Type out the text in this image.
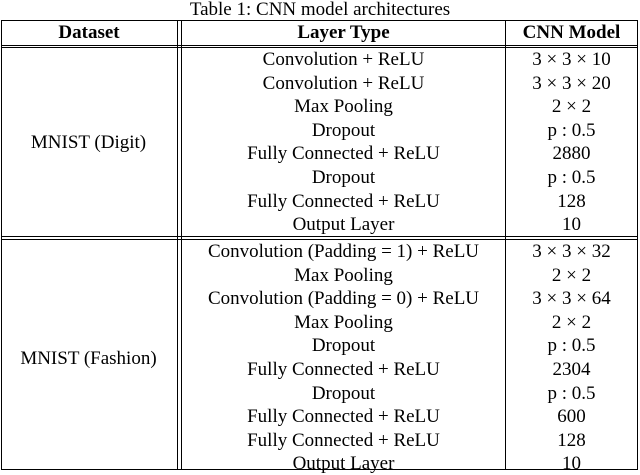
Table 1: CNN model architectures
Dataset	Layer Type	CNN Model
MNIST (Digit)
Convolution + ReLU	3 × 3 × 10
Convolution + ReLU	3 × 3 × 20
Max Pooling	2 × 2
Dropout	p : 0.5
Fully Connected + ReLU	2880
Dropout	p : 0.5
Fully Connected + ReLU	128
Output Layer	10
MNIST (Fashion)
Convolution (Padding = 1) + ReLU	3 × 3 × 32
Max Pooling	2 × 2
Convolution (Padding = 0) + ReLU	3 × 3 × 64
Max Pooling	2 × 2
Dropout	p : 0.5
Fully Connected + ReLU	2304
Dropout	p : 0.5
Fully Connected + ReLU	600
Fully Connected + ReLU	128
Output Layer	10
